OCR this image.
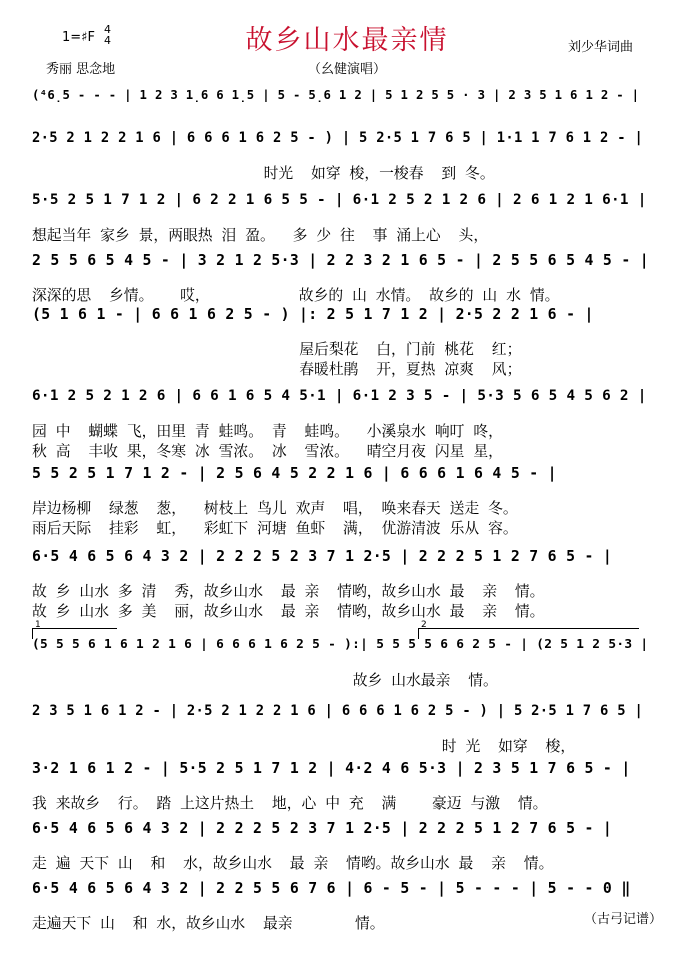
故乡山水最亲情
1=♯F
4
4
秀丽 思念地	（幺健演唱）
刘少华词曲
(⁴6̣5 - - - | 1 2 3 1̣6 6 1̣5 | 5 - 5̣6 1 2 | 5 1 2 5 5 · 3 | 2 3 5 1 6 1 2 - |
2·5 2 1 2 2 1 6 | 6 6 6 1 6 2 5 - ) | 5 2·5 1 7 6 5 | 1·1 1 7 6 1 2 - |
时光  如穿 梭，一梭春  到 冬。
5·5 2 5 1 7 1 2 | 6 2 2 1 6 5 5 - | 6·1 2 5 2 1 2 6 | 2 6 1 2 1 6·1 |
想起当年 家乡 景，两眼热 泪 盈。  多 少 往  事 涌上心  头，
2 5 5 6 5 4 5 - | 3 2 1 2 5·3 | 2 2 3 2 1 6 5 - | 2 5 5 6 5 4 5 - |
深深的思  乡情。   哎，          故乡的 山 水情。 故乡的 山 水 情。
(5 1 6 1 - | 6 6 1 6 2 5 - ) |: 2 5 1 7 1 2 | 2·5 2 2 1 6 - |
屋后梨花  白，门前 桃花  红；
春暖杜鹃  开，夏热 凉爽  风；
6·1 2 5 2 1 2 6 | 6 6 1 6 5 4 5·1 | 6·1 2 3 5 - | 5·3 5 6 5 4 5 6 2 |
园 中  蝴蝶 飞，田里 青 蛙鸣。 青  蛙鸣。  小溪泉水 响叮 咚，
秋 高  丰收 果，冬寒 冰 雪浓。 冰  雪浓。  晴空月夜 闪星 星，
5 5 2 5 1 7 1 2 - | 2 5 6 4 5 2 2 1 6 | 6 6 6 1 6 4 5 - |
岸边杨柳  绿葱  葱，  树枝上 鸟儿 欢声  唱， 唤来春天 送走 冬。
雨后天际  挂彩  虹，  彩虹下 河塘 鱼虾  满， 优游清波 乐从 容。
6·5 4 6 5 6 4 3 2 | 2 2 2 5 2 3 7 1 2·5 | 2 2 2 5 1 2 7 6 5 - |
故 乡 山水 多 清  秀，故乡山水  最 亲  情哟，故乡山水 最  亲  情。
故 乡 山水 多 美  丽，故乡山水  最 亲  情哟，故乡山水 最  亲  情。
(5 5 5 6 1 6 1 2 1 6 | 6 6 6 1 6 2 5 - ):| 5 5 5 5 6 6 2 5 - | (2 5 1 2 5·3 |
故乡 山水最亲  情。
2 3 5 1 6 1 2 - | 2·5 2 1 2 2 1 6 | 6 6 6 1 6 2 5 - ) | 5 2·5 1 7 6 5 |
时 光  如穿  梭，
3·2 1 6 1 2 - | 5·5 2 5 1 7 1 2 | 4·2 4 6 5·3 | 2 3 5 1 7 6 5 - |
我 来故乡  行。 踏 上这片热土  地，心 中 充  满    豪迈 与激  情。
6·5 4 6 5 6 4 3 2 | 2 2 2 5 2 3 7 1 2·5 | 2 2 2 5 1 2 7 6 5 - |
走 遍 天下 山  和  水，故乡山水  最 亲  情哟。故乡山水 最  亲  情。
6·5 4 6 5 6 4 3 2 | 2 2 5 5 6 7 6 | 6 - 5 - | 5 - - - | 5 - - 0 ‖
走遍天下 山  和 水，故乡山水  最亲       情。
1	2
（古弓记谱）
